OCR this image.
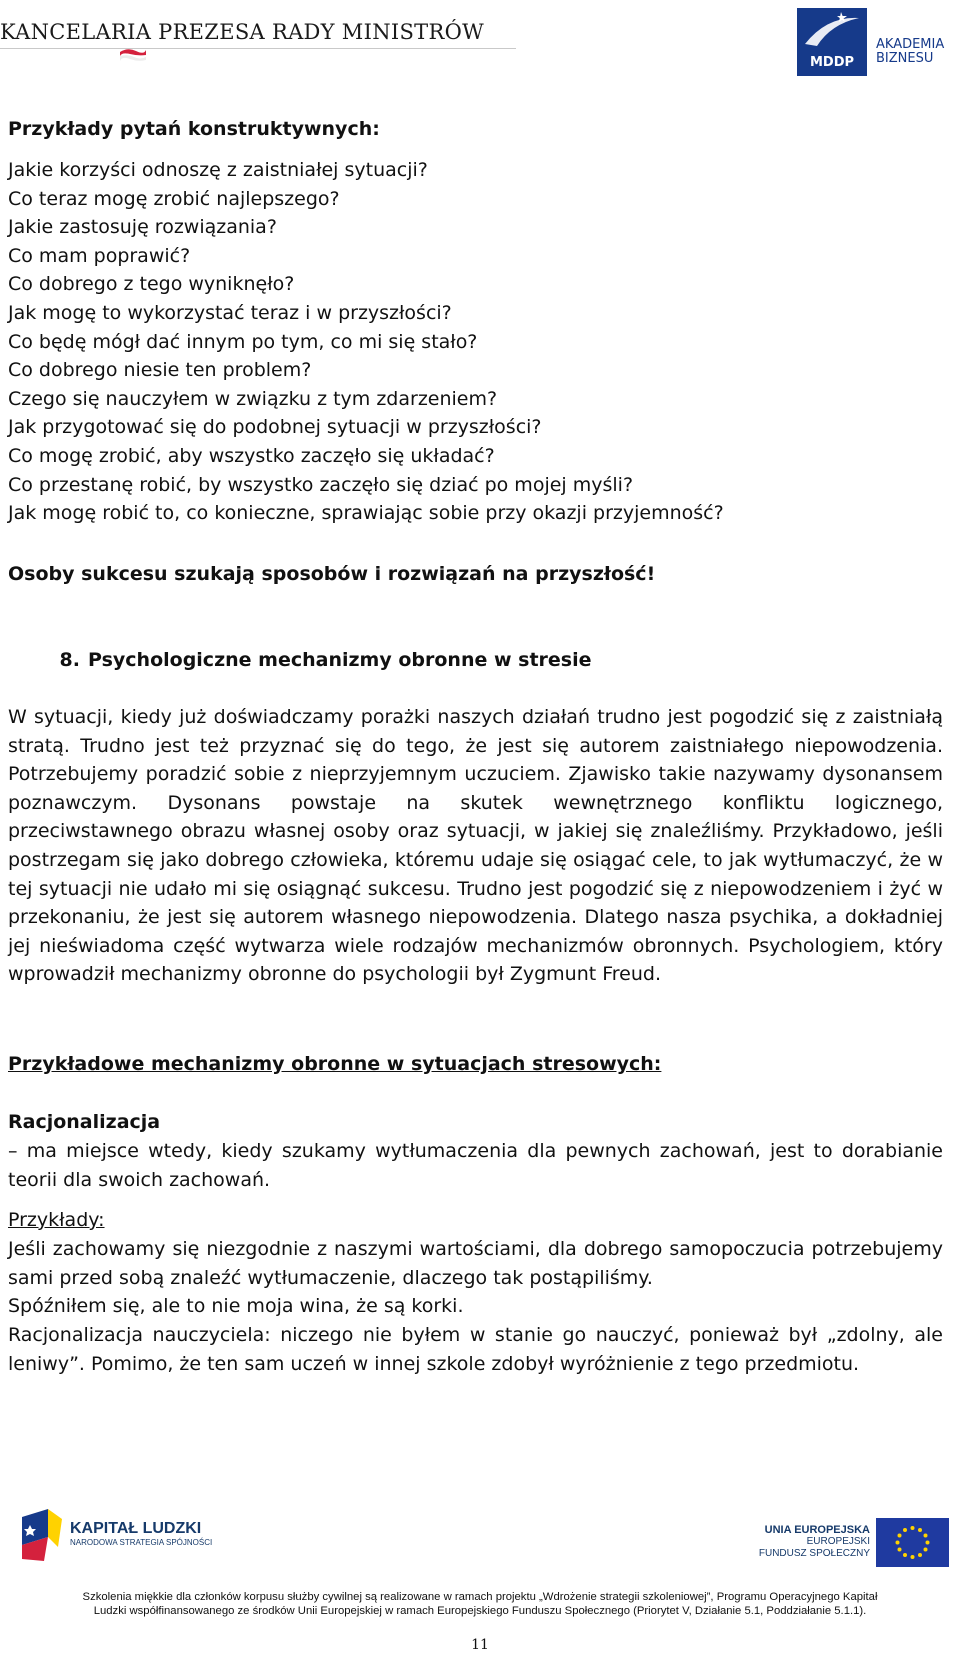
KANCELARIA PREZESA RADY MINISTRÓW
MDDP
AKADEMIA
BIZNESU
Przykłady pytań konstruktywnych:
Jakie korzyści odnoszę z zaistniałej sytuacji?
Co teraz mogę zrobić najlepszego?
Jakie zastosuję rozwiązania?
Co mam poprawić?
Co dobrego z tego wyniknęło?
Jak mogę to wykorzystać teraz i w przyszłości?
Co będę mógł dać innym po tym, co mi się stało?
Co dobrego niesie ten problem?
Czego się nauczyłem w związku z tym zdarzeniem?
Jak przygotować się do podobnej sytuacji w przyszłości?
Co mogę zrobić, aby wszystko zaczęło się układać?
Co przestanę robić, by wszystko zaczęło się dziać po mojej myśli?
Jak mogę robić to, co konieczne, sprawiając sobie przy okazji przyjemność?
Osoby sukcesu szukają sposobów i rozwiązań na przyszłość!
8. Psychologiczne mechanizmy obronne w stresie
W sytuacji, kiedy już doświadczamy porażki naszych działań trudno jest pogodzić się z zaistniałą stratą. Trudno jest też przyznać się do tego, że jest się autorem zaistniałego niepowodzenia. Potrzebujemy poradzić sobie z nieprzyjemnym uczuciem. Zjawisko takie nazywamy dysonansem poznawczym. Dysonans powstaje na skutek wewnętrznego konfliktu logicznego, przeciwstawnego obrazu własnej osoby oraz sytuacji, w jakiej się znaleźliśmy. Przykładowo, jeśli postrzegam się jako dobrego człowieka, któremu udaje się osiągać cele, to jak wytłumaczyć, że w tej sytuacji nie udało mi się osiągnąć sukcesu. Trudno jest pogodzić się z niepowodzeniem i żyć w przekonaniu, że jest się autorem własnego niepowodzenia. Dlatego nasza psychika, a dokładniej jej nieświadoma część wytwarza wiele rodzajów mechanizmów obronnych. Psychologiem, który wprowadził mechanizmy obronne do psychologii był Zygmunt Freud.
Przykładowe mechanizmy obronne w sytuacjach stresowych:
Racjonalizacja
– ma miejsce wtedy, kiedy szukamy wytłumaczenia dla pewnych zachowań, jest to dorabianie teorii dla swoich zachowań.
Przykłady:
Jeśli zachowamy się niezgodnie z naszymi wartościami, dla dobrego samopoczucia potrzebujemy sami przed sobą znaleźć wytłumaczenie, dlaczego tak postąpiliśmy.
Spóźniłem się, ale to nie moja wina, że są korki.
Racjonalizacja nauczyciela: niczego nie byłem w stanie go nauczyć, ponieważ był „zdolny, ale leniwy”. Pomimo, że ten sam uczeń w innej szkole zdobył wyróżnienie z tego przedmiotu.
KAPITAŁ LUDZKI
NARODOWA STRATEGIA SPÓJNOŚCI
UNIA EUROPEJSKA
EUROPEJSKI
FUNDUSZ SPOŁECZNY
Szkolenia miękkie dla członków korpusu służby cywilnej są realizowane w ramach projektu „Wdrożenie strategii szkoleniowej”, Programu Operacyjnego Kapitał
Ludzki współfinansowanego ze środków Unii Europejskiej w ramach Europejskiego Funduszu Społecznego (Priorytet V, Działanie 5.1, Poddziałanie 5.1.1).
11
